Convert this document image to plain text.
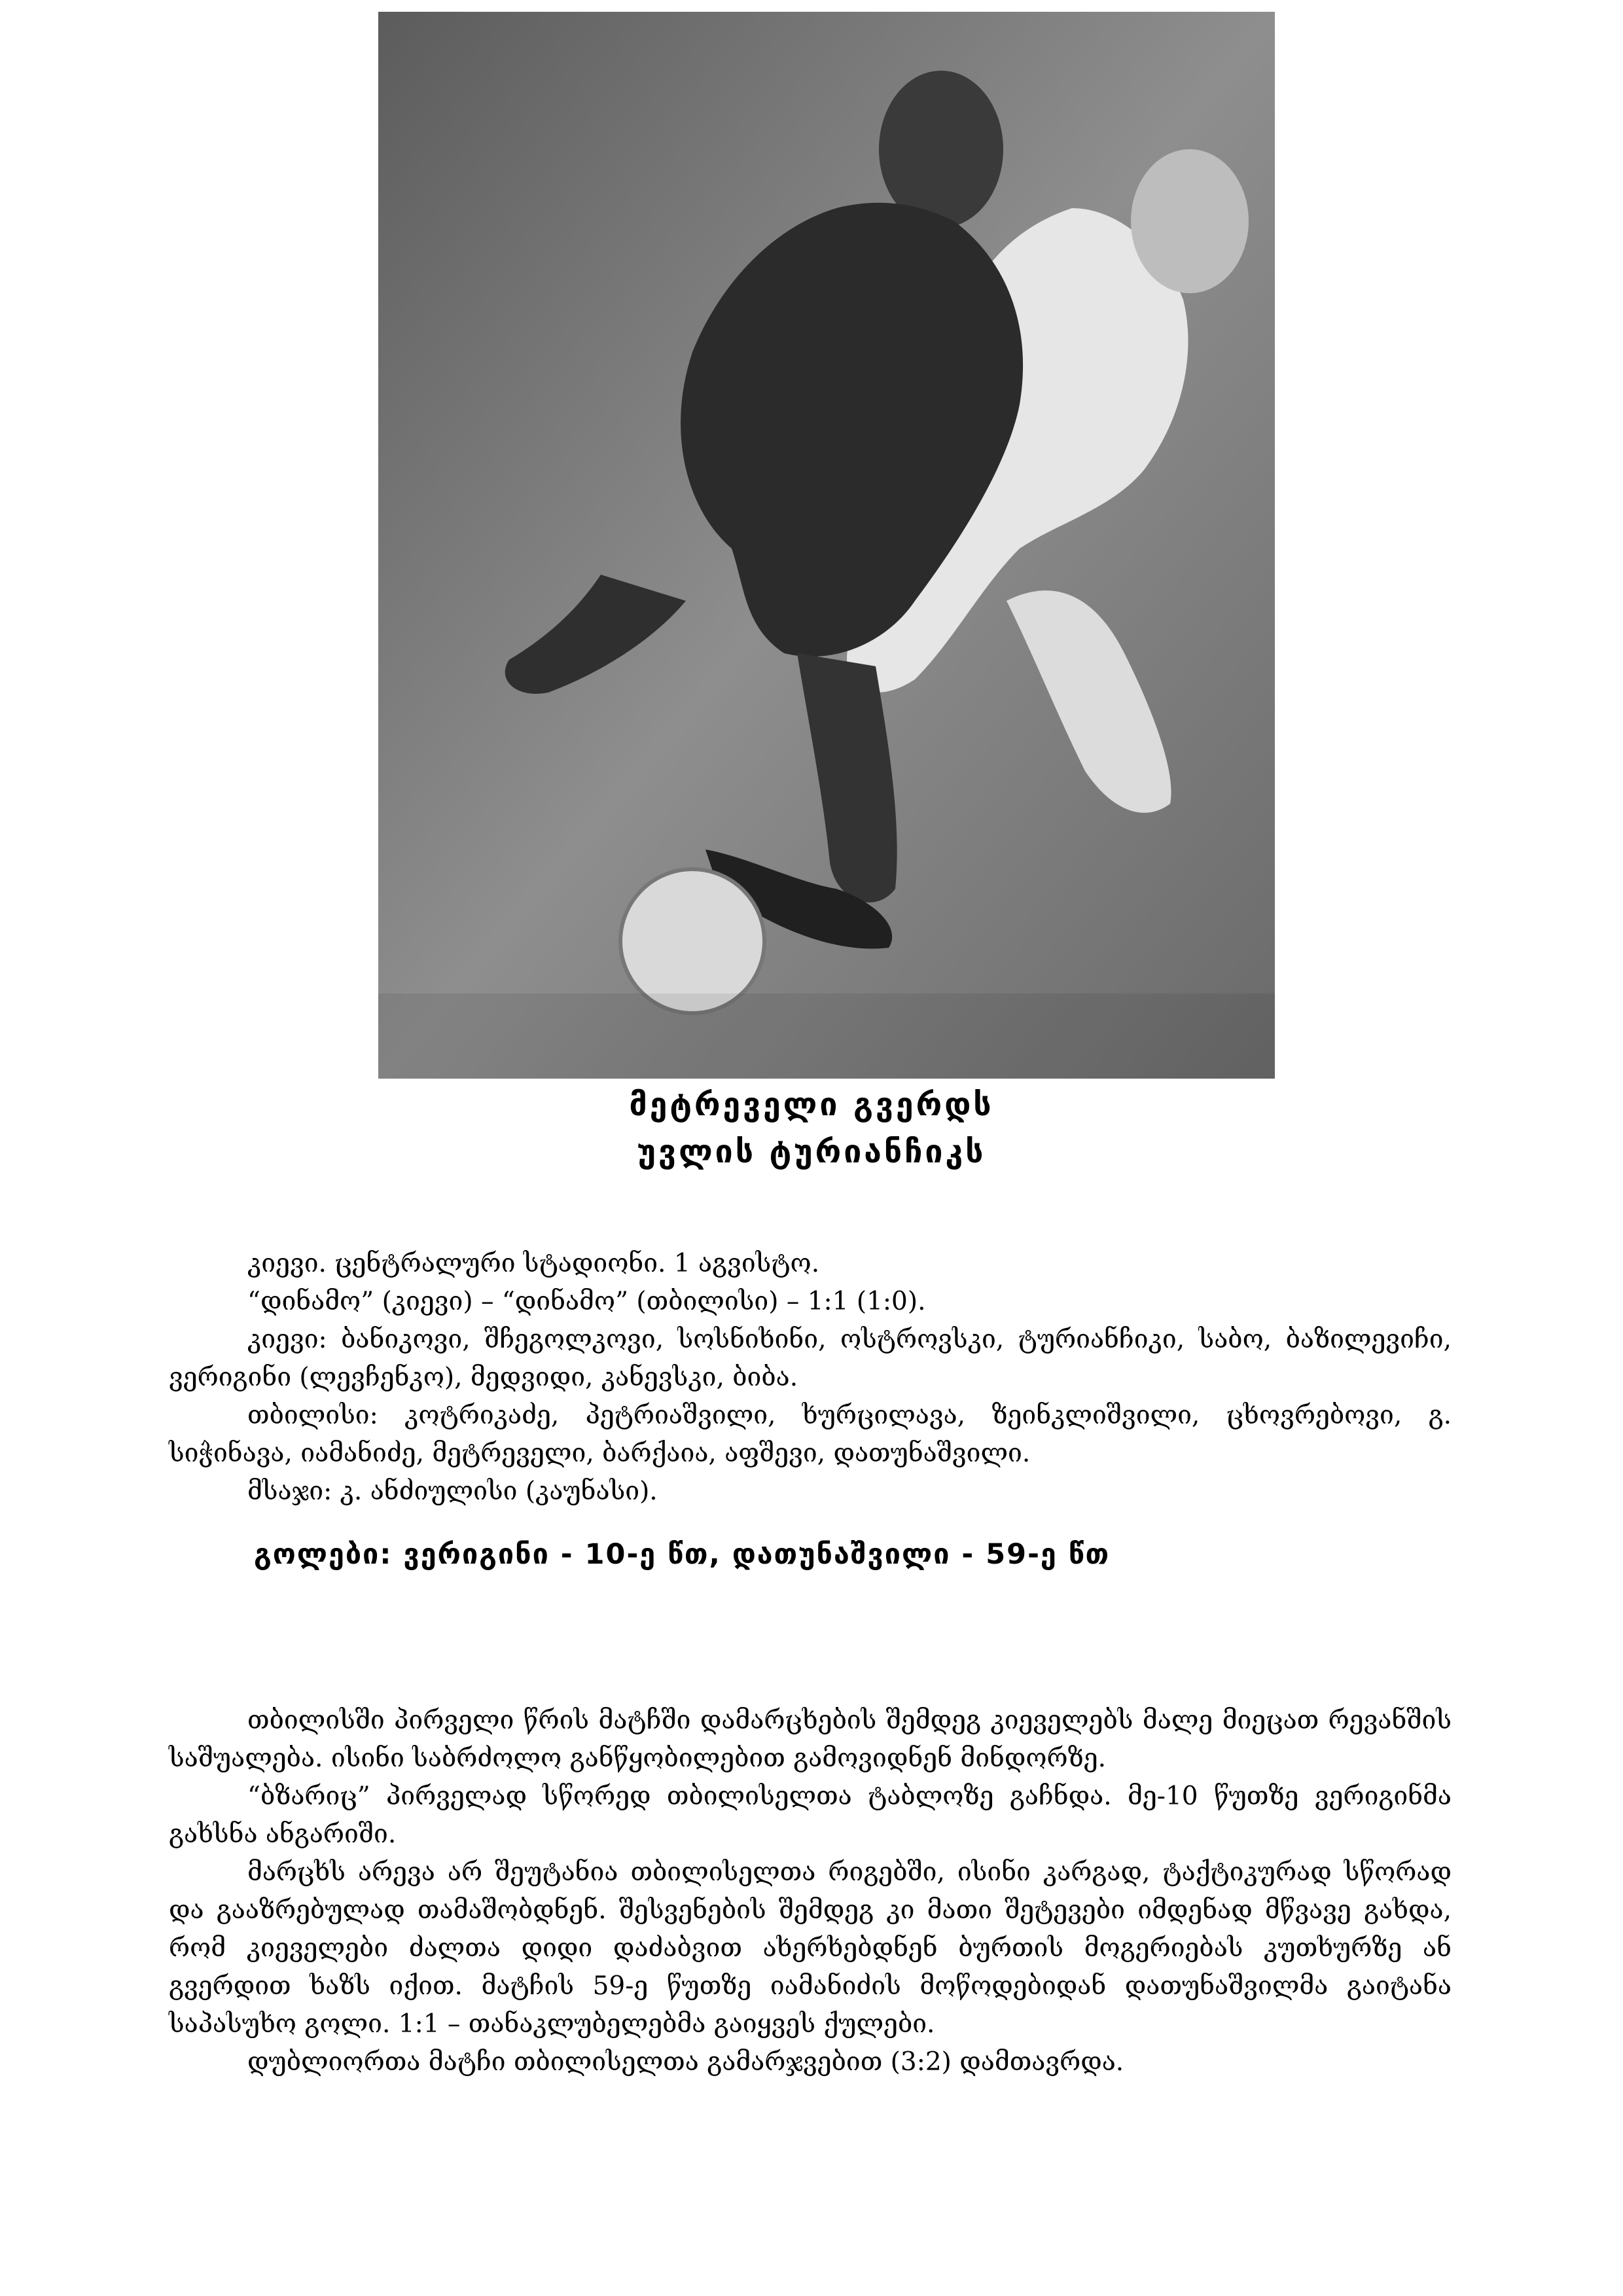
მეტრეველი გვერდს
უვლის ტურიანჩიკს

კიევი. ცენტრალური სტადიონი. 1 აგვისტო.

“დინამო” (კიევი) – “დინამო” (თბილისი) – 1:1 (1:0).

კიევი: ბანიკოვი, შჩეგოლკოვი, სოსნიხინი, ოსტროვსკი, ტურიანჩიკი, საბო, ბაზილევიჩი, ვერიგინი (ლევჩენკო), მედვიდი, კანევსკი, ბიბა.

თბილისი: კოტრიკაძე, პეტრიაშვილი, ხურცილავა, ზეინკლიშვილი, ცხოვრებოვი, გ. სიჭინავა, იამანიძე, მეტრეველი, ბარქაია, აფშევი, დათუნაშვილი.

მსაჯი: კ. ანძიულისი (კაუნასი).

გოლები: ვერიგინი - 10-ე წთ, დათუნაშვილი - 59-ე წთ

თბილისში პირველი წრის მატჩში დამარცხების შემდეგ კიეველებს მალე მიეცათ რევანშის საშუალება. ისინი საბრძოლო განწყობილებით გამოვიდნენ მინდორზე.

“ბზარიც” პირველად სწორედ თბილისელთა ტაბლოზე გაჩნდა. მე-10 წუთზე ვერიგინმა გახსნა ანგარიში.

მარცხს არევა არ შეუტანია თბილისელთა რიგებში, ისინი კარგად, ტაქტიკურად სწორად და გააზრებულად თამაშობდნენ. შესვენების შემდეგ კი მათი შეტევები იმდენად მწვავე გახდა, რომ კიეველები ძალთა დიდი დაძაბვით ახერხებდნენ ბურთის მოგერიებას კუთხურზე ან გვერდით ხაზს იქით. მატჩის 59-ე წუთზე იამანიძის მოწოდებიდან დათუნაშვილმა გაიტანა საპასუხო გოლი. 1:1 – თანაკლუბელებმა გაიყვეს ქულები.

დუბლიორთა მატჩი თბილისელთა გამარჯვებით (3:2) დამთავრდა.
